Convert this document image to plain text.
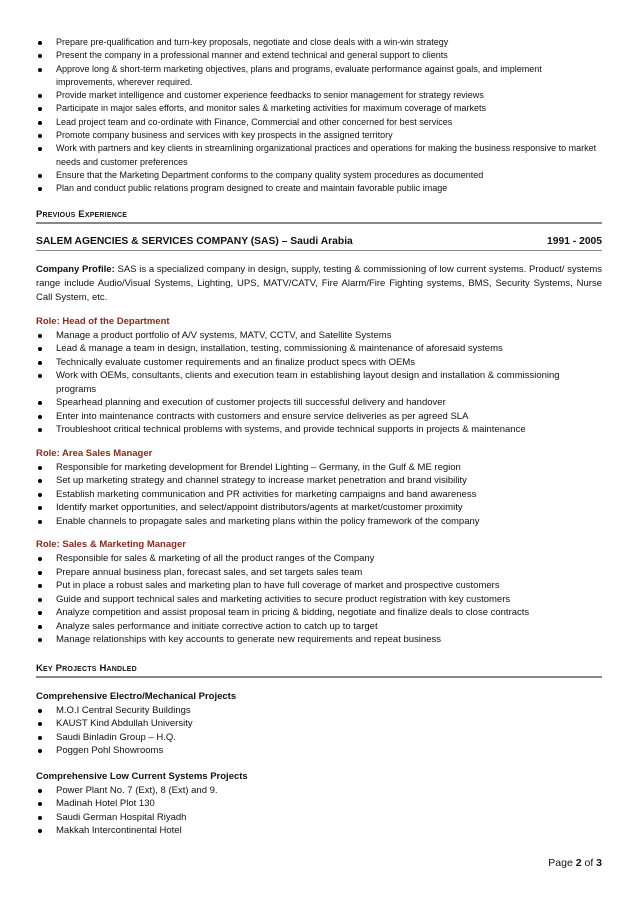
Prepare pre-qualification and turn-key proposals, negotiate and close deals with a win-win strategy
Present the company in a professional manner and extend technical and general support to clients
Approve long & short-term marketing objectives, plans and programs, evaluate performance against goals, and implement improvements, wherever required.
Provide market intelligence and customer experience feedbacks to senior management for strategy reviews
Participate in major sales efforts, and monitor sales & marketing activities for maximum coverage of markets
Lead project team and co-ordinate with Finance, Commercial and other concerned for best services
Promote company business and services with key prospects in the assigned territory
Work with partners and key clients in streamlining organizational practices and operations for making the business responsive to market needs and customer preferences
Ensure that the Marketing Department conforms to the company quality system procedures as documented
Plan and conduct public relations program designed to create and maintain favorable public image
Previous Experience
SALEM AGENCIES & SERVICES COMPANY (SAS) – Saudi Arabia	1991 - 2005
Company Profile: SAS is a specialized company in design, supply, testing & commissioning of low current systems. Product/ systems range include Audio/Visual Systems, Lighting, UPS, MATV/CATV, Fire Alarm/Fire Fighting systems, BMS, Security Systems, Nurse Call System, etc.
Role: Head of the Department
Manage a product portfolio of A/V systems, MATV, CCTV, and Satellite Systems
Lead & manage a team in design, installation, testing, commissioning & maintenance of aforesaid systems
Technically evaluate customer requirements and an finalize product specs with OEMs
Work with OEMs, consultants, clients and execution team in establishing layout design and installation & commissioning programs
Spearhead planning and execution of customer projects till successful delivery and handover
Enter into maintenance contracts with customers and ensure service deliveries as per agreed SLA
Troubleshoot critical technical problems with systems, and provide technical supports in projects & maintenance
Role: Area Sales Manager
Responsible for marketing development for Brendel Lighting – Germany, in the Gulf & ME region
Set up marketing strategy and channel strategy to increase market penetration and brand visibility
Establish marketing communication and PR activities for marketing campaigns and band awareness
Identify market opportunities, and select/appoint distributors/agents at market/customer proximity
Enable channels to propagate sales and marketing plans within the policy framework of the company
Role: Sales & Marketing Manager
Responsible for sales & marketing of all the product ranges of the Company
Prepare annual business plan, forecast sales, and set targets sales team
Put in place a robust sales and marketing plan to have full coverage of market and prospective customers
Guide and support technical sales and marketing activities to secure product registration with key customers
Analyze competition and assist proposal team in pricing & bidding, negotiate and finalize deals to close contracts
Analyze sales performance and initiate corrective action to catch up to target
Manage relationships with key accounts to generate new requirements and repeat business
Key Projects Handled
Comprehensive Electro/Mechanical Projects
M.O.I Central Security Buildings
KAUST Kind Abdullah University
Saudi Binladin Group – H.Q.
Poggen Pohl Showrooms
Comprehensive Low Current Systems Projects
Power Plant No. 7 (Ext), 8 (Ext) and 9.
Madinah Hotel Plot 130
Saudi German Hospital Riyadh
Makkah Intercontinental Hotel
Page 2 of 3
